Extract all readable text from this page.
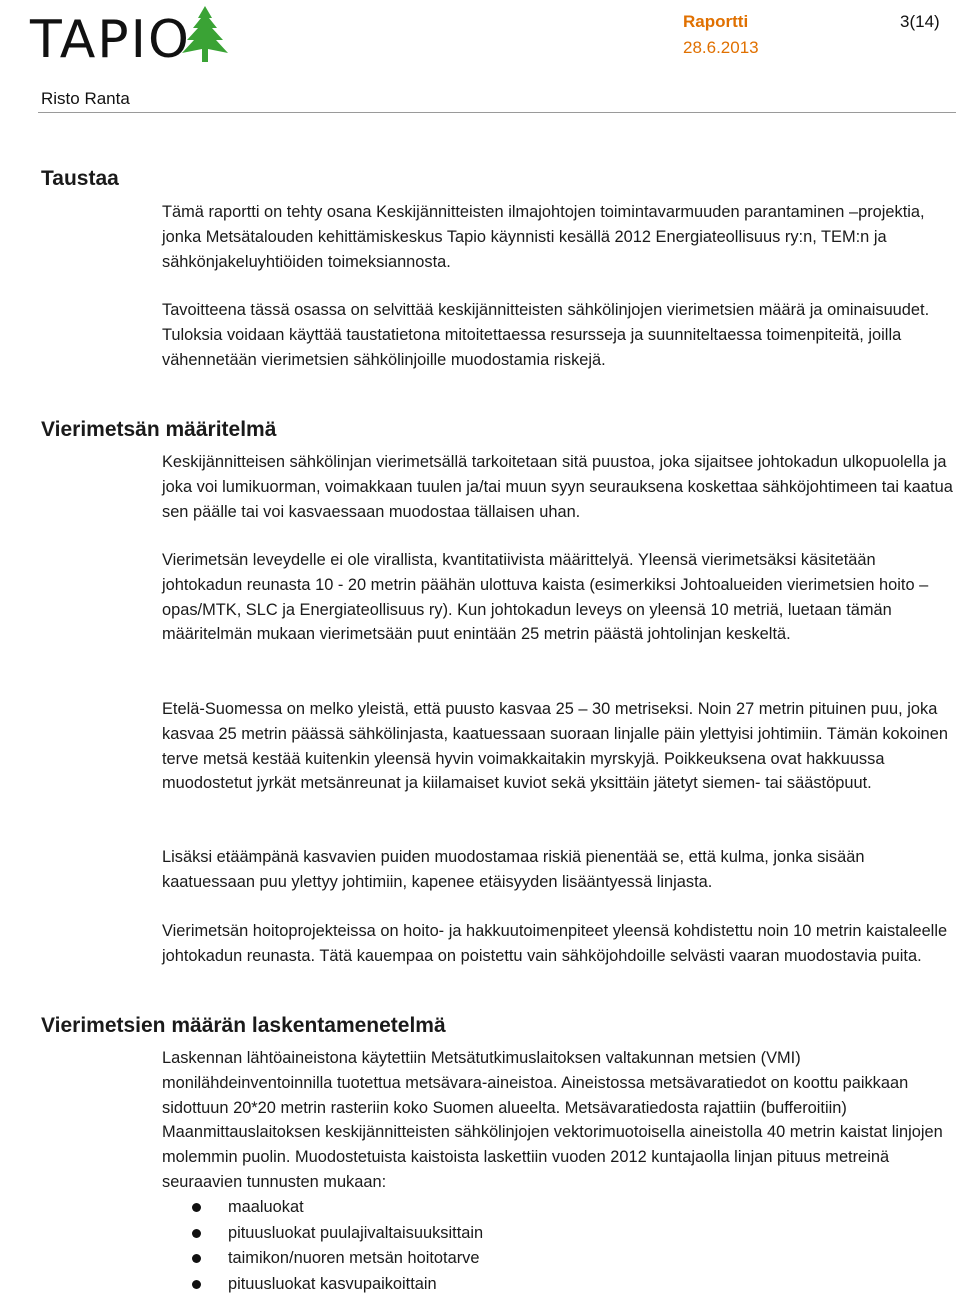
TAPIO	Raportti
28.6.2013
3(14)
Risto Ranta
Taustaa

Tämä raportti on tehty osana Keskijännitteisten ilmajohtojen toimintavarmuuden parantaminen –projektia, jonka Metsätalouden kehittämiskeskus Tapio käynnisti kesällä 2012 Energiateollisuus ry:n, TEM:n ja sähkönjakeluyhtiöiden toimeksiannosta.

Tavoitteena tässä osassa on selvittää keskijännitteisten sähkölinjojen vierimetsien määrä ja ominaisuudet. Tuloksia voidaan käyttää taustatietona mitoitettaessa resursseja ja suunniteltaessa toimenpiteitä, joilla vähennetään vierimetsien sähkölinjoille muodostamia riskejä.

Vierimetsän määritelmä

Keskijännitteisen sähkölinjan vierimetsällä tarkoitetaan sitä puustoa, joka sijaitsee johtokadun ulkopuolella ja joka voi lumikuorman, voimakkaan tuulen ja/tai muun syyn seurauksena koskettaa sähköjohtimeen tai kaatua sen päälle tai voi kasvaessaan muodostaa tällaisen uhan.

Vierimetsän leveydelle ei ole virallista, kvantitatiivista määrittelyä. Yleensä vierimetsäksi käsitetään johtokadun reunasta 10 - 20 metrin päähän ulottuva kaista (esimerkiksi Johtoalueiden vierimetsien hoito –opas/MTK, SLC ja Energiateollisuus ry). Kun johtokadun leveys on yleensä 10 metriä, luetaan tämän määritelmän mukaan vierimetsään puut enintään 25 metrin päästä johtolinjan keskeltä.

Etelä-Suomessa on melko yleistä, että puusto kasvaa 25 – 30 metriseksi. Noin 27 metrin pituinen puu, joka kasvaa 25 metrin päässä sähkölinjasta, kaatuessaan suoraan linjalle päin ylettyisi johtimiin. Tämän kokoinen terve metsä kestää kuitenkin yleensä hyvin voimakkaitakin myrskyjä. Poikkeuksena ovat hakkuussa muodostetut jyrkät metsänreunat ja kiilamaiset kuviot sekä yksittäin jätetyt siemen- tai säästöpuut.

Lisäksi etäämpänä kasvavien puiden muodostamaa riskiä pienentää se, että kulma, jonka sisään kaatuessaan puu ylettyy johtimiin, kapenee etäisyyden lisääntyessä linjasta.

Vierimetsän hoitoprojekteissa on hoito- ja hakkuutoimenpiteet yleensä kohdistettu noin 10 metrin kaistaleelle johtokadun reunasta. Tätä kauempaa on poistettu vain sähköjohdoille selvästi vaaran muodostavia puita.

Vierimetsien määrän laskentamenetelmä

Laskennan lähtöaineistona käytettiin Metsätutkimuslaitoksen valtakunnan metsien (VMI) monilähdeinventoinnilla tuotettua metsävara-aineistoa. Aineistossa metsävaratiedot on koottu paikkaan sidottuun 20*20 metrin rasteriin koko Suomen alueelta. Metsävaratiedosta rajattiin (bufferoitiin) Maanmittauslaitoksen keskijännitteisten sähkölinjojen vektorimuotoisella aineistolla 40 metrin kaistat linjojen molemmin puolin. Muodostetuista kaistoista laskettiin vuoden 2012 kuntajaolla linjan pituus metreinä seuraavien tunnusten mukaan:

maaluokat
pituusluokat puulajivaltaisuuksittain
taimikon/nuoren metsän hoitotarve
pituusluokat kasvupaikoittain
